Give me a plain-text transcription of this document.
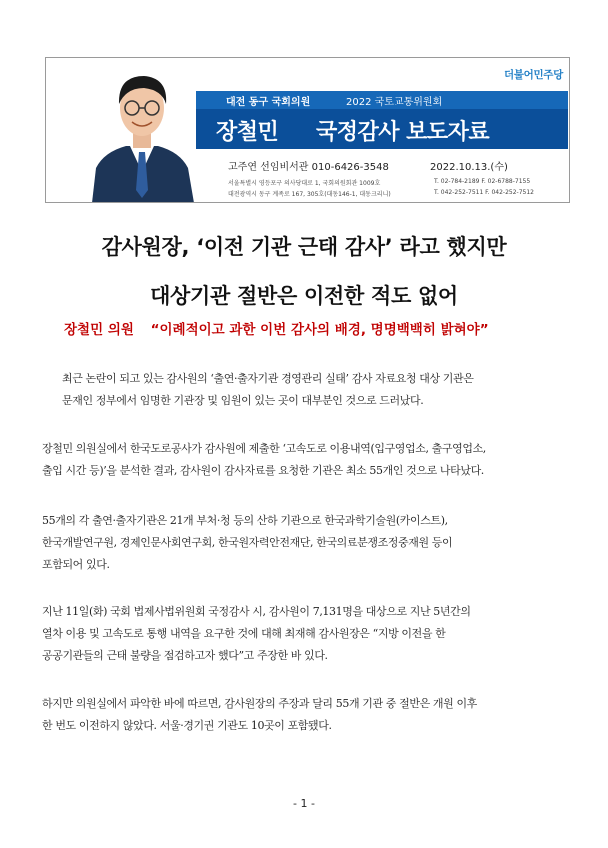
더불어민주당
대전 동구 국회의원	2022 국토교통위원회
장철민 국정감사 보도자료
고주연 선임비서관 010-6426-3548	2022.10.13.(수)
서울특별시 영등포구 의사당대로 1, 국회의원회관 1009호
대전광역시 동구 계족로 167, 305호(대동146-1, 대동크리니)
T. 02-784-2189 F. 02-6788-7155
T. 042-252-7511 F. 042-252-7512
감사원장, ‘이전 기관 근태 감사’ 라고 했지만
대상기관 절반은 이전한 적도 없어
장철민 의원 “이례적이고 과한 이번 감사의 배경, 명명백백히 밝혀야”
최근 논란이 되고 있는 감사원의 ‘출연·출자기관 경영관리 실태’ 감사 자료요청 대상 기관은
문재인 정부에서 임명한 기관장 및 임원이 있는 곳이 대부분인 것으로 드러났다.
장철민 의원실에서 한국도로공사가 감사원에 제출한 ‘고속도로 이용내역(입구영업소, 출구영업소,
출입 시간 등)’을 분석한 결과, 감사원이 감사자료를 요청한 기관은 최소 55개인 것으로 나타났다.
55개의 각 출연·출자기관은 21개 부처·청 등의 산하 기관으로 한국과학기술원(카이스트),
한국개발연구원, 경제인문사회연구회, 한국원자력안전재단, 한국의료분쟁조정중재원 등이
포함되어 있다.
지난 11일(화) 국회 법제사법위원회 국정감사 시, 감사원이 7,131명을 대상으로 지난 5년간의
열차 이용 및 고속도로 통행 내역을 요구한 것에 대해 최재해 감사원장은 “지방 이전을 한
공공기관들의 근태 불량을 점검하고자 했다”고 주장한 바 있다.
하지만 의원실에서 파악한 바에 따르면, 감사원장의 주장과 달리 55개 기관 중 절반은 개원 이후
한 번도 이전하지 않았다. 서울·경기권 기관도 10곳이 포함됐다.
- 1 -
